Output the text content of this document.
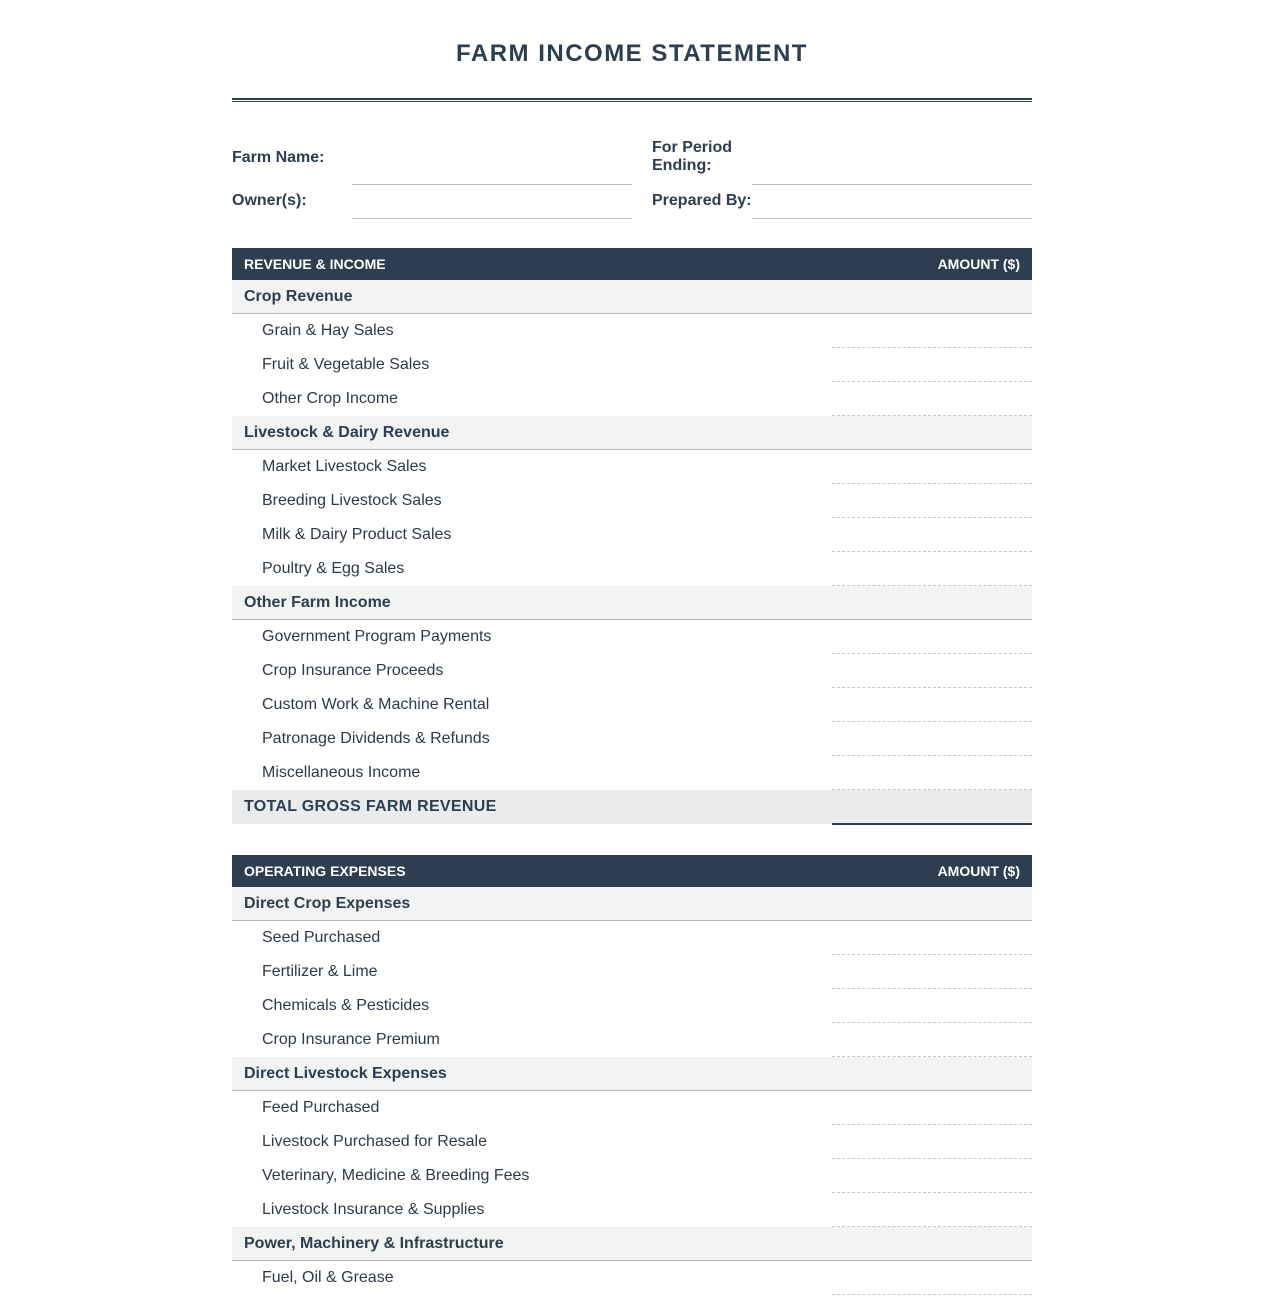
FARM INCOME STATEMENT
Farm Name:
For Period
Ending:
Owner(s):	Prepared By:
REVENUE & INCOME	AMOUNT ($)
Crop Revenue
Grain & Hay Sales
Fruit & Vegetable Sales
Other Crop Income
Livestock & Dairy Revenue
Market Livestock Sales
Breeding Livestock Sales
Milk & Dairy Product Sales
Poultry & Egg Sales
Other Farm Income
Government Program Payments
Crop Insurance Proceeds
Custom Work & Machine Rental
Patronage Dividends & Refunds
Miscellaneous Income
TOTAL GROSS FARM REVENUE
OPERATING EXPENSES	AMOUNT ($)
Direct Crop Expenses
Seed Purchased
Fertilizer & Lime
Chemicals & Pesticides
Crop Insurance Premium
Direct Livestock Expenses
Feed Purchased
Livestock Purchased for Resale
Veterinary, Medicine & Breeding Fees
Livestock Insurance & Supplies
Power, Machinery & Infrastructure
Fuel, Oil & Grease
